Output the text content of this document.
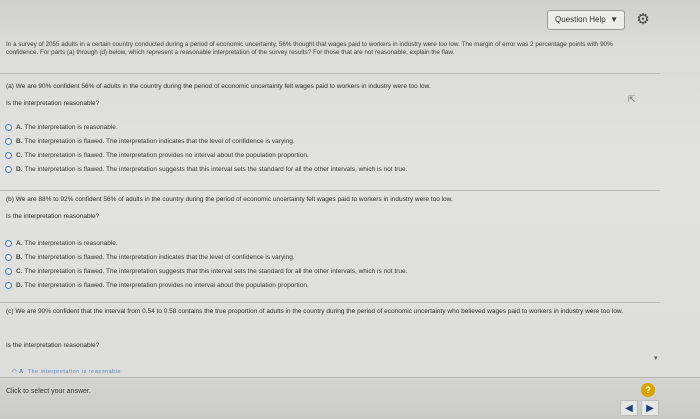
Question Help ▼ ⚙
In a survey of 2055 adults in a certain country conducted during a period of economic uncertainty, 56% thought that wages paid to workers in industry were too low. The margin of error was 2 percentage points with 90% confidence. For parts (a) through (d) below, which represent a reasonable interpretation of the survey results? For those that are not reasonable, explain the flaw.
(a) We are 90% confident 56% of adults in the country during the period of economic uncertainty felt wages paid to workers in industry were too low.
Is the interpretation reasonable?
A. The interpretation is reasonable.
B. The interpretation is flawed. The interpretation indicates that the level of confidence is varying.
C. The interpretation is flawed. The interpretation provides no interval about the population proportion.
D. The interpretation is flawed. The interpretation suggests that this interval sets the standard for all the other intervals, which is not true.
(b) We are 88% to 92% confident 56% of adults in the country during the period of economic uncertainty felt wages paid to workers in industry were too low.
Is the interpretation reasonable?
A. The interpretation is reasonable.
B. The interpretation is flawed. The interpretation indicates that the level of confidence is varying.
C. The interpretation is flawed. The interpretation suggests that this interval sets the standard for all the other intervals, which is not true.
D. The interpretation is flawed. The interpretation provides no interval about the population proportion.
(c) We are 90% confident that the interval from 0.54 to 0.58 contains the true proportion of adults in the country during the period of economic uncertainty who believed wages paid to workers in industry were too low.
Is the interpretation reasonable?
◠ A The interpretation is reasonable
⇱
▾
Click to select your answer.	?
◀	▶
